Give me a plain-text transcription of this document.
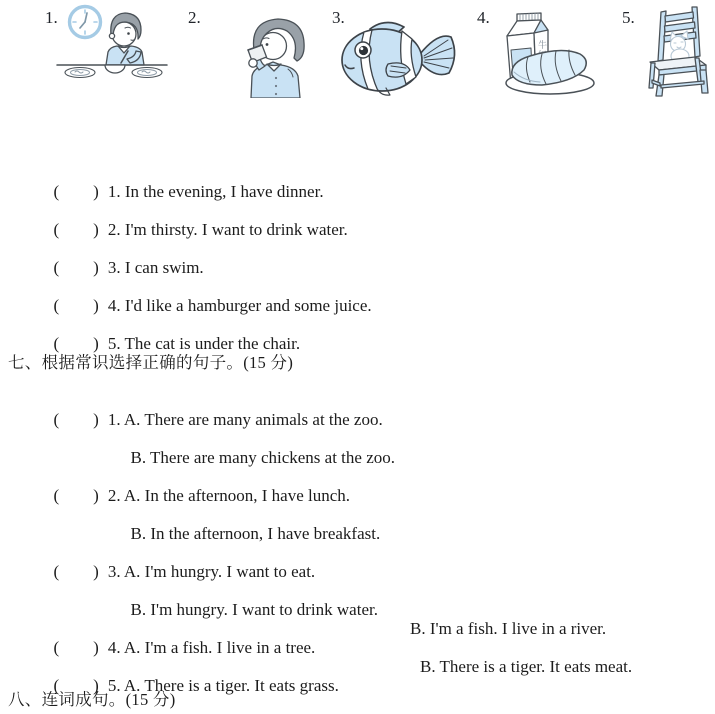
1.	2.	3.	4.	5.
牛

(        ) 1. In the evening, I have dinner.

(        ) 2. I'm thirsty. I want to drink water.

(        ) 3. I can swim.

(        ) 4. I'd like a hamburger and some juice.

(        ) 5. The cat is under the chair.

七、根据常识选择正确的句子。(15 分)

(        ) 1. A. There are many animals at the zoo.

B. There are many chickens at the zoo.

(        ) 2. A. In the afternoon, I have lunch.

B. In the afternoon, I have breakfast.

(        ) 3. A. I'm hungry. I want to eat.

B. I'm hungry. I want to drink water.

(        ) 4. A. I'm a fish. I live in a tree.

B. I'm a fish. I live in a river.

(        ) 5. A. There is a tiger. It eats grass.

B. There is a tiger. It eats meat.

八、连词成句。(15 分)
